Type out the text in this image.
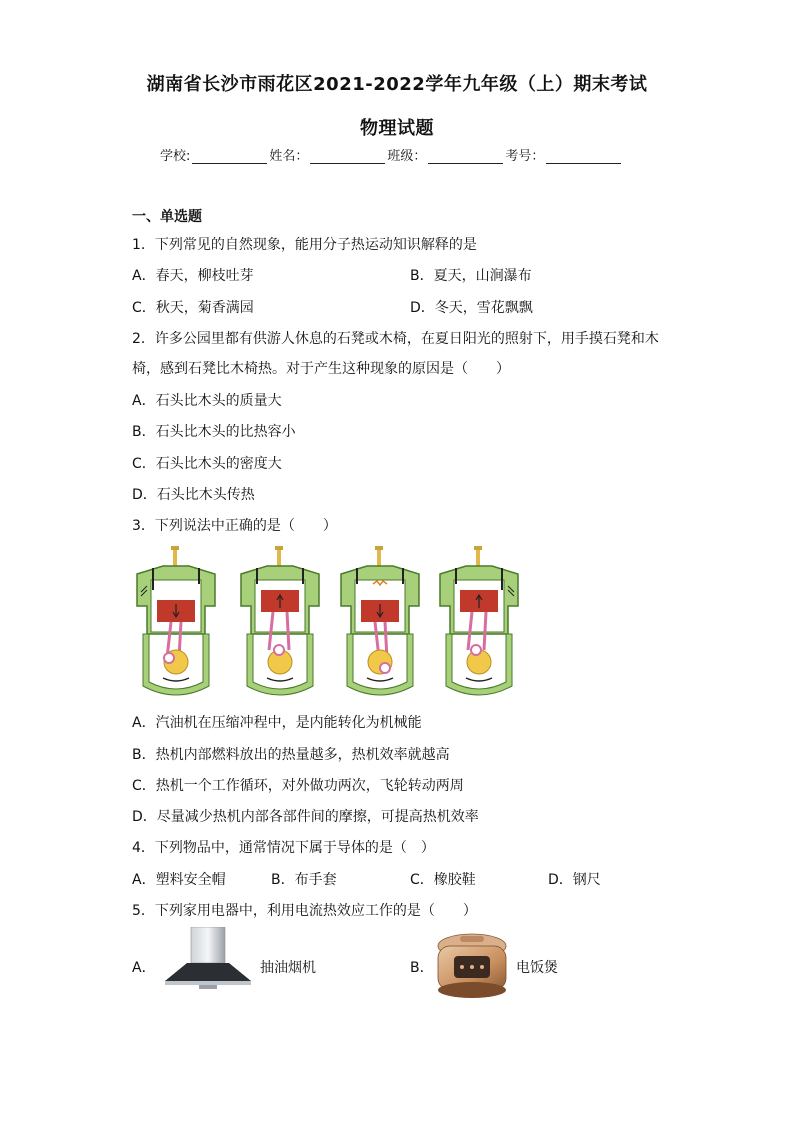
湖南省长沙市雨花区2021-2022学年九年级（上）期末考试
物理试题
学校:	姓名：	班级：	考号：
一、单选题
1．下列常见的自然现象，能用分子热运动知识解释的是
A．春天，柳枝吐芽	B．夏天，山涧瀑布
C．秋天，菊香满园	D．冬天，雪花飘飘
2．许多公园里都有供游人休息的石凳或木椅，在夏日阳光的照射下，用手摸石凳和木
椅，感到石凳比木椅热。对于产生这种现象的原因是（　　）
A．石头比木头的质量大
B．石头比木头的比热容小
C．石头比木头的密度大
D．石头比木头传热
3．下列说法中正确的是（　　）
A．汽油机在压缩冲程中，是内能转化为机械能
B．热机内部燃料放出的热量越多，热机效率就越高
C．热机一个工作循环，对外做功两次，飞轮转动两周
D．尽量减少热机内部各部件间的摩擦，可提高热机效率
4．下列物品中，通常情况下属于导体的是（　）
A．塑料安全帽	B．布手套	C．橡胶鞋	D．钢尺
5．下列家用电器中，利用电流热效应工作的是（　　）
A．	抽油烟机	B．	电饭煲
